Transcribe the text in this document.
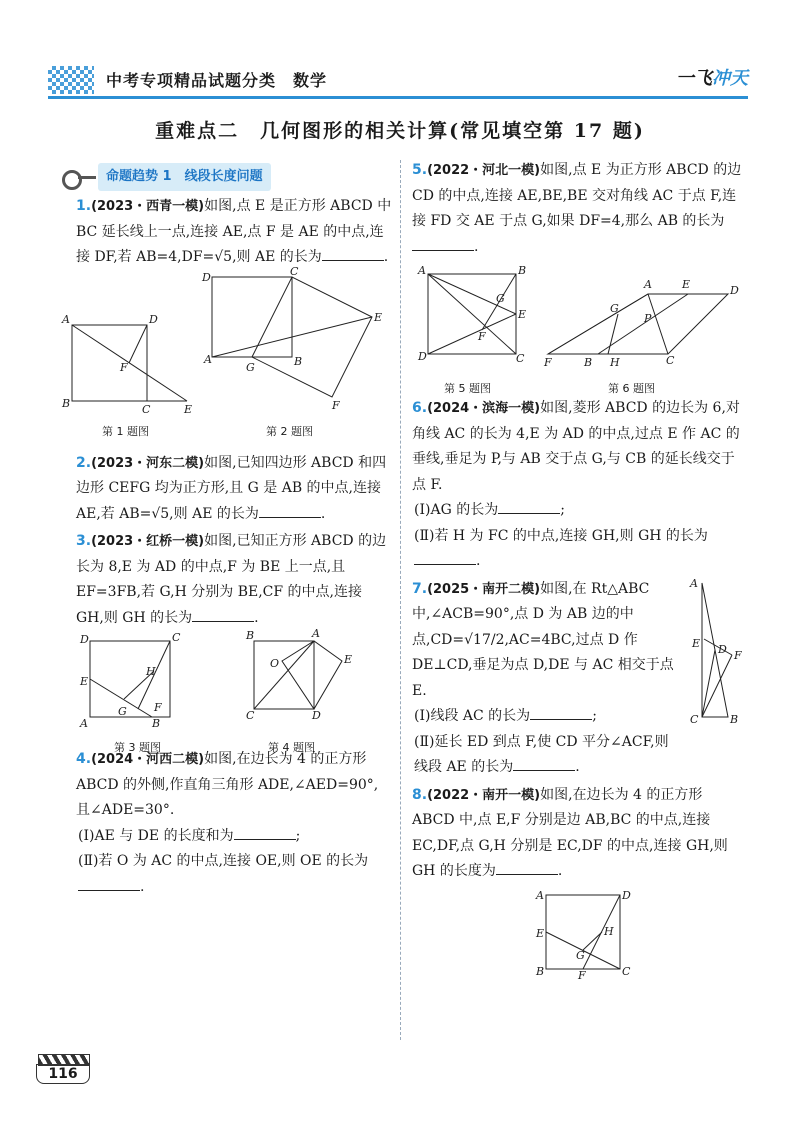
中考专项精品试题分类　数学	一飞冲天
重难点二　几何图形的相关计算(常见填空第 17 题)
命题趋势 1　线段长度问题
1.(2023・西青一模)如图,点 E 是正方形 ABCD 中 BC 延长线上一点,连接 AE,点 F 是 AE 的中点,连接 DF,若 AB=4,DF=√5,则 AE 的长为	.
A	D
B	C	E
F
D	C
A	B
G
E
F
第 1 题图	第 2 题图
2.(2023・河东二模)如图,已知四边形 ABCD 和四边形 CEFG 均为正方形,且 G 是 AB 的中点,连接 AE,若 AB=√5,则 AE 的长为	.
3.(2023・红桥一模)如图,已知正方形 ABCD 的边长为 8,E 为 AD 的中点,F 为 BE 上一点,且 EF=3FB,若 G,H 分别为 BE,CF 的中点,连接 GH,则 GH 的长为	.
D	C
E
H
G F
A	B
B	A
E
O
C	D
第 3 题图	第 4 题图
4.(2024・河西二模)如图,在边长为 4 的正方形 ABCD 的外侧,作直角三角形 ADE,∠AED=90°,且∠ADE=30°.
(Ⅰ)AE 与 DE 的长度和为	;
(Ⅱ)若 O 为 AC 的中点,连接 OE,则 OE 的长为.
5.(2022・河北一模)如图,点 E 为正方形 ABCD 的边 CD 的中点,连接 AE,BE,BE 交对角线 AC 于点 F,连接 FD 交 AE 于点 G,如果 DF=4,那么 AB 的长为.
A	B
E
G
F
D	C F	B H	C
A	E	D
G
P
第 5 题图	第 6 题图
6.(2024・滨海一模)如图,菱形 ABCD 的边长为 6,对角线 AC 的长为 4,E 为 AD 的中点,过点 E 作 AC 的垂线,垂足为 P,与 AB 交于点 G,与 CB 的延长线交于点 F.
(Ⅰ)AG 的长为	;
(Ⅱ)若 H 为 FC 的中点,连接 GH,则 GH 的长为.
7.(2025・南开二模)如图,在 Rt△ABC 中,∠ACB=90°,点 D 为 AB 边的中点,CD=√17/2,AC=4BC,过点 D 作 DE⊥CD,垂足为点 D,DE 与 AC 相交于点 E.
A
C	B
D F
E
(Ⅰ)线段 AC 的长为	;
(Ⅱ)延长 ED 到点 F,使 CD 平分∠ACF,则线段 AE 的长为	.
8.(2022・南开一模)如图,在边长为 4 的正方形 ABCD 中,点 E,F 分别是边 AB,BC 的中点,连接 EC,DF,点 G,H 分别是 EC,DF 的中点,连接 GH,则 GH 的长度为	.
A	D
E	H
G
B	F	C
116
